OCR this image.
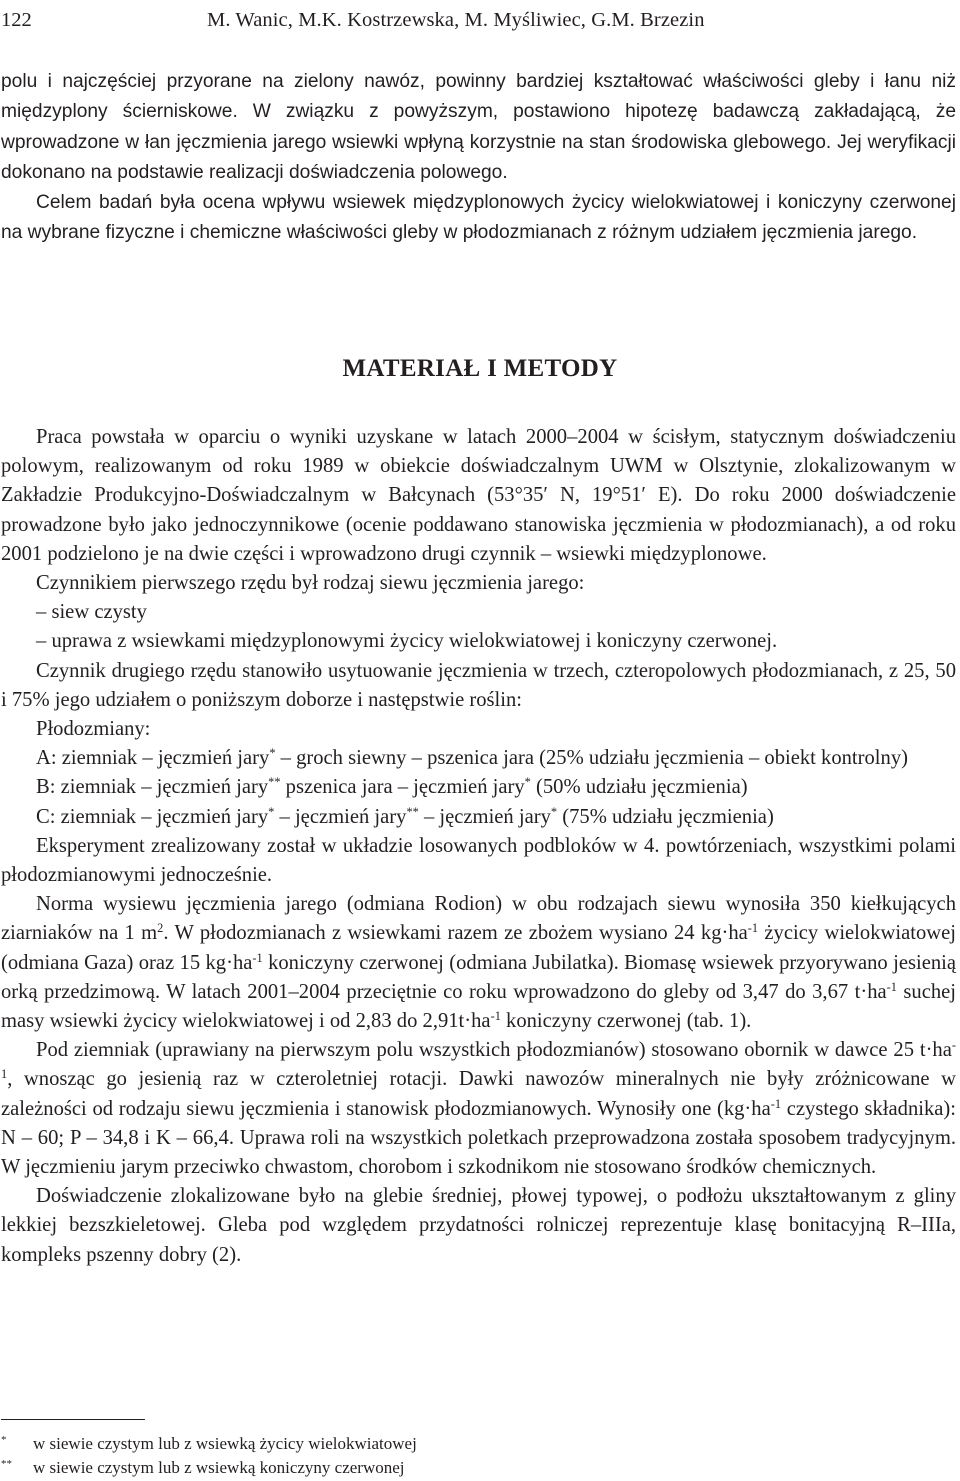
122	M. Wanic, M.K. Kostrzewska, M. Myśliwiec, G.M. Brzezin

polu i najczęściej przyorane na zielony nawóz, powinny bardziej kształtować właściwości gleby i łanu niż międzyplony ścierniskowe. W związku z powyższym, postawiono hipotezę badawczą zakładającą, że wprowadzone w łan jęczmienia jarego wsiewki wpłyną korzystnie na stan środowiska glebowego. Jej weryfikacji dokonano na podstawie realizacji doświadczenia polowego.

Celem badań była ocena wpływu wsiewek międzyplonowych życicy wielokwiatowej i koniczyny czerwonej na wybrane fizyczne i chemiczne właściwości gleby w płodozmianach z różnym udziałem jęczmienia jarego.

MATERIAŁ I METODY

Praca powstała w oparciu o wyniki uzyskane w latach 2000–2004 w ścisłym, statycznym doświadczeniu polowym, realizowanym od roku 1989 w obiekcie doświadczalnym UWM w Olsztynie, zlokalizowanym w Zakładzie Produkcyjno-Doświadczalnym w Bałcynach (53°35′ N, 19°51′ E). Do roku 2000 doświadczenie prowadzone było jako jednoczynnikowe (ocenie poddawano stanowiska jęczmienia w płodozmianach), a od roku 2001 podzielono je na dwie części i wprowadzono drugi czynnik – wsiewki międzyplonowe.

Czynnikiem pierwszego rzędu był rodzaj siewu jęczmienia jarego:

– siew czysty

– uprawa z wsiewkami międzyplonowymi życicy wielokwiatowej i koniczyny czerwonej.

Czynnik drugiego rzędu stanowiło usytuowanie jęczmienia w trzech, czteropolowych płodozmianach, z 25, 50 i 75% jego udziałem o poniższym doborze i następstwie roślin:

Płodozmiany:

A: ziemniak – jęczmień jary* – groch siewny – pszenica jara (25% udziału jęczmienia – obiekt kontrolny)

B: ziemniak – jęczmień jary** pszenica jara – jęczmień jary* (50% udziału jęczmienia)

C: ziemniak – jęczmień jary* – jęczmień jary** – jęczmień jary* (75% udziału jęczmienia)

Eksperyment zrealizowany został w układzie losowanych podbloków w 4. powtórzeniach, wszystkimi polami płodozmianowymi jednocześnie.

Norma wysiewu jęczmienia jarego (odmiana Rodion) w obu rodzajach siewu wynosiła 350 kiełkujących ziarniaków na 1 $m^2$. W płodozmianach z wsiewkami razem ze zbożem wysiano 24 $kg\cdot ha^{-1}$ życicy wielokwiatowej (odmiana Gaza) oraz 15 $kg\cdot ha^{-1}$ koniczyny czerwonej (odmiana Jubilatka). Biomasę wsiewek przyorywano jesienią orką przedzimową. W latach 2001–2004 przeciętnie co roku wprowadzono do gleby od 3,47 do 3,67 $t\cdot ha^{-1}$ suchej masy wsiewki życicy wielokwiatowej i od 2,83 do $2,91t\cdot ha^{-1}$ koniczyny czerwonej (tab. 1).

Pod ziemniak (uprawiany na pierwszym polu wszystkich płodozmianów) stosowano obornik w dawce 25 $t\cdot ha^{-1}$, wnosząc go jesienią raz w czteroletniej rotacji. Dawki nawozów mineralnych nie były zróżnicowane w zależności od rodzaju siewu jęczmienia i stanowisk płodozmianowych. Wynosiły one ($kg\cdot ha^{-1}$ czystego składnika): N – 60; P – 34,8 i K – 66,4. Uprawa roli na wszystkich poletkach przeprowadzona została sposobem tradycyjnym. W jęczmieniu jarym przeciwko chwastom, chorobom i szkodnikom nie stosowano środków chemicznych.

Doświadczenie zlokalizowane było na glebie średniej, płowej typowej, o podłożu ukształtowanym z gliny lekkiej bezszkieletowej. Gleba pod względem przydatności rolniczej reprezentuje klasę bonitacyjną R–IIIa, kompleks pszenny dobry (2).

* w siewie czystym lub z wsiewką życicy wielokwiatowej
** w siewie czystym lub z wsiewką koniczyny czerwonej
